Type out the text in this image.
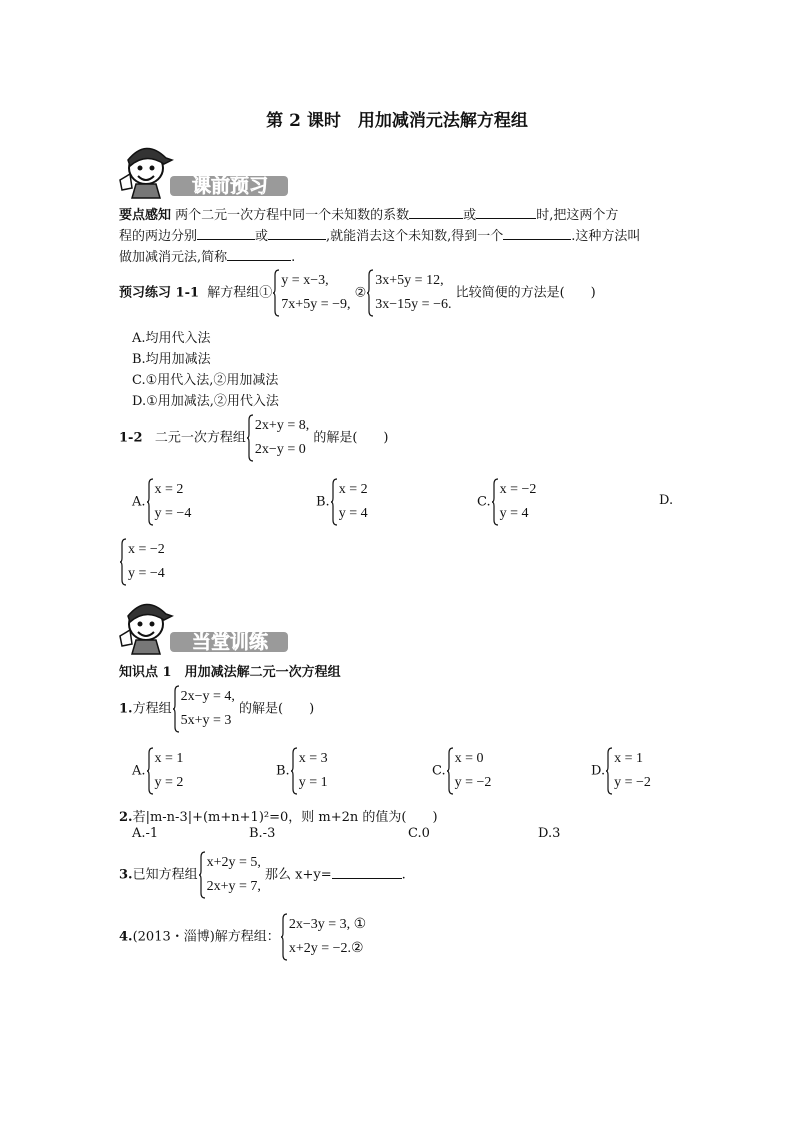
第 2 课时　用加减消元法解方程组
课前预习
要点感知 两个二元一次方程中同一个未知数的系数	或	时,把这两个方
程的两边分别	或	,就能消去这个未知数,得到一个	.这种方法叫
做加减消元法,简称	.
预习练习 1-1 解方程组①
y = x−3,
7x+5y = −9,
②
3x+5y = 12,
3x−15y = −6.
比较简便的方法是(　　)
A.均用代入法
B.均用加减法
C.①用代入法,②用加减法
D.①用加减法,②用代入法
1-2 二元一次方程组
2x+y = 8,
2x−y = 0
的解是(　　)
A.
x = 2
y = −4
B.
x = 2
y = 4
C.
x = −2
y = 4
D.
x = −2
y = −4
当堂训练
知识点 1　用加减法解二元一次方程组
1.方程组
2x−y = 4,
5x+y = 3
的解是(　　)
A.
x = 1
y = 2
B.
x = 3
y = 1
C.
x = 0
y = −2
D.
x = 1
y = −2
2.若|m-n-3|+(m+n+1)²=0，则 m+2n 的值为(　　)
A.-1	B.-3	C.0	D.3
3.已知方程组
x+2y = 5,
2x+y = 7,
那么 x+y=	.
4.(2013・淄博)解方程组：
2x−3y = 3, ①
x+2y = −2.②
